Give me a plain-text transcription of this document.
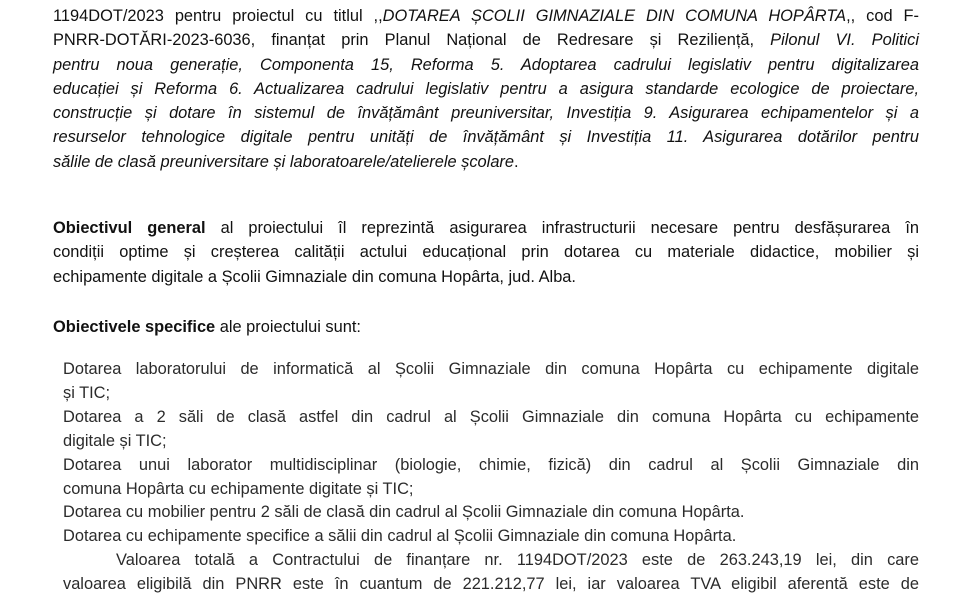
1194DOT/2023 pentru proiectul cu titlul ,,DOTAREA ȘCOLII GIMNAZIALE DIN COMUNA HOPÂRTA,, cod F-
PNRR-DOTĂRI-2023-6036, finanțat prin Planul Național de Redresare și Reziliență, Pilonul VI. Politici
pentru noua generație, Componenta 15, Reforma 5. Adoptarea cadrului legislativ pentru digitalizarea
educației și Reforma 6. Actualizarea cadrului legislativ pentru a asigura standarde ecologice de proiectare,
construcție și dotare în sistemul de învățământ preuniversitar, Investiția 9. Asigurarea echipamentelor și a
resurselor tehnologice digitale pentru unități de învățământ și Investiția 11. Asigurarea dotărilor pentru
sălile de clasă preuniversitare și laboratoarele/atelierele școlare.
Obiectivul general al proiectului îl reprezintă asigurarea infrastructurii necesare pentru desfășurarea în
condiții optime și creșterea calității actului educațional prin dotarea cu materiale didactice, mobilier și
echipamente digitale a Școlii Gimnaziale din comuna Hopârta, jud. Alba.
Obiectivele specifice ale proiectului sunt:
Dotarea laboratorului de informatică al Școlii Gimnaziale din comuna Hopârta cu echipamente digitale
și TIC;
Dotarea a 2 săli de clasă astfel din cadrul al Școlii Gimnaziale din comuna Hopârta cu echipamente
digitale și TIC;
Dotarea unui laborator multidisciplinar (biologie, chimie, fizică) din cadrul al Școlii Gimnaziale din
comuna Hopârta cu echipamente digitate și TIC;
Dotarea cu mobilier pentru 2 săli de clasă din cadrul al Școlii Gimnaziale din comuna Hopârta.
Dotarea cu echipamente specifice a sălii din cadrul al Școlii Gimnaziale din comuna Hopârta.
Valoarea totală a Contractului de finanțare nr. 1194DOT/2023 este de 263.243,19 lei, din care
valoarea eligibilă din PNRR este în cuantum de 221.212,77 lei, iar valoarea TVA eligibil aferentă este de
